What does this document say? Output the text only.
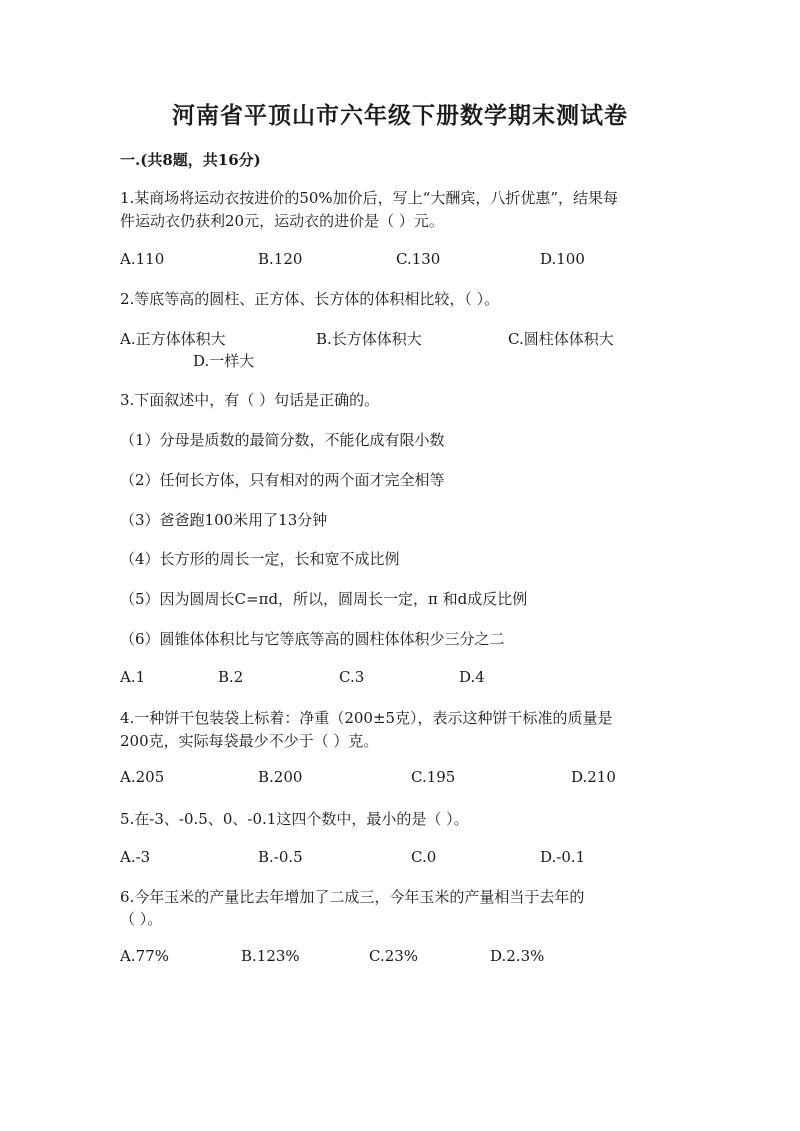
河南省平顶山市六年级下册数学期末测试卷
一.(共8题，共16分)
1.某商场将运动衣按进价的50%加价后，写上“大酬宾，八折优惠”，结果每
件运动衣仍获利20元，运动衣的进价是（ ）元。
A.110	B.120	C.130	D.100
2.等底等高的圆柱、正方体、长方体的体积相比较，（ ）。
A.正方体体积大	B.长方体体积大	C.圆柱体体积大
D.一样大
3.下面叙述中，有（ ）句话是正确的。
（1）分母是质数的最简分数，不能化成有限小数
（2）任何长方体，只有相对的两个面才完全相等
（3）爸爸跑100米用了13分钟
（4）长方形的周长一定，长和宽不成比例
（5）因为圆周长C=πd，所以，圆周长一定，π 和d成反比例
（6）圆锥体体积比与它等底等高的圆柱体体积少三分之二
A.1	B.2	C.3	D.4
4.一种饼干包装袋上标着：净重（200±5克），表示这种饼干标准的质量是
200克，实际每袋最少不少于（ ）克。
A.205	B.200	C.195	D.210
5.在-3、-0.5、0、-0.1这四个数中，最小的是（ ）。
A.-3	B.-0.5	C.0	D.-0.1
6.今年玉米的产量比去年增加了二成三，今年玉米的产量相当于去年的
（ ）。
A.77%	B.123%	C.23%	D.2.3%
